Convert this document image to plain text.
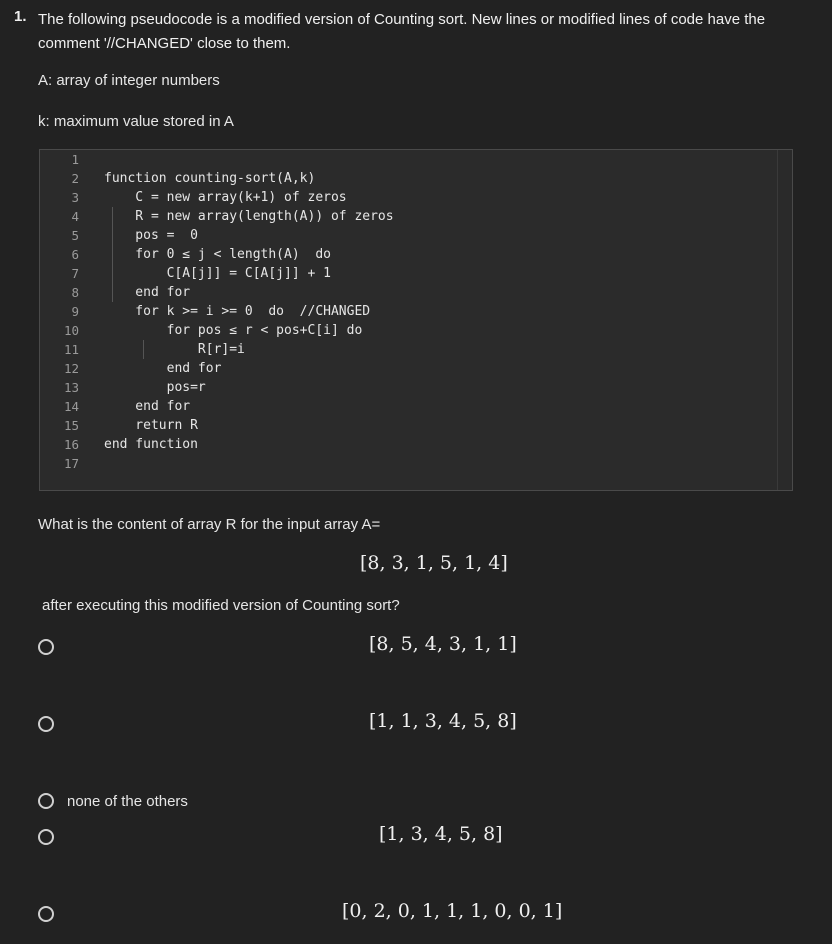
1. The following pseudocode is a modified version of Counting sort. New lines or modified lines of code have the comment '//CHANGED' close to them.
A: array of integer numbers
k: maximum value stored in A
1
2
3
4
5
6
7
8
9
10
11
12
13
14
15
16
17
function counting-sort(A,k)
C = new array(k+1) of zeros
R = new array(length(A)) of zeros
pos =  0
for 0 ≤ j < length(A)  do
C[A[j]] = C[A[j]] + 1
end for
for k >= i >= 0  do  //CHANGED
for pos ≤ r < pos+C[i] do
R[r]=i
end for
pos=r
end for
return R
end function
What is the content of array R for the input array A=
[8, 3, 1, 5, 1, 4]
after executing this modified version of Counting sort?
[8, 5, 4, 3, 1, 1]
[1, 1, 3, 4, 5, 8]
none of the others
[1, 3, 4, 5, 8]
[0, 2, 0, 1, 1, 1, 0, 0, 1]
